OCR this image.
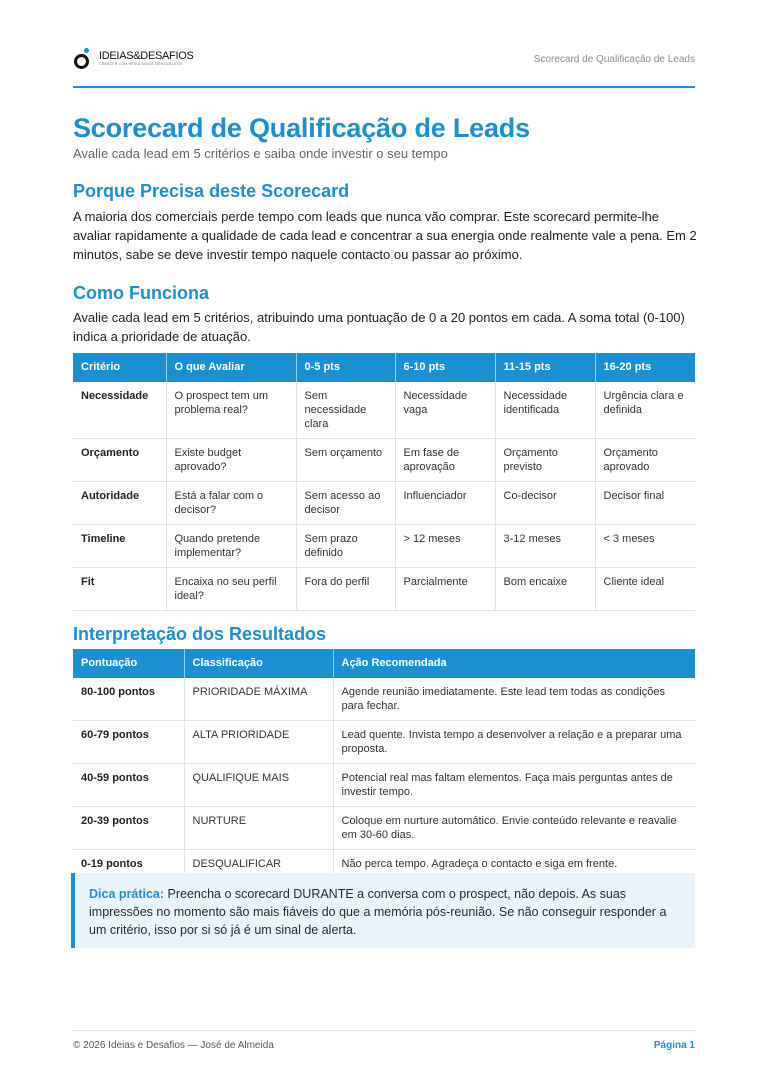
IDEIAS&DESAFIOS
CRESCER COM RESULTADOS MENSURÁVEIS	Scorecard de Qualificação de Leads
Scorecard de Qualificação de Leads
Avalie cada lead em 5 critérios e saiba onde investir o seu tempo
Porque Precisa deste Scorecard
A maioria dos comerciais perde tempo com leads que nunca vão comprar. Este scorecard permite-lhe avaliar rapidamente a qualidade de cada lead e concentrar a sua energia onde realmente vale a pena. Em 2 minutos, sabe se deve investir tempo naquele contacto ou passar ao próximo.
Como Funciona
Avalie cada lead em 5 critérios, atribuindo uma pontuação de 0 a 20 pontos em cada. A soma total (0-100) indica a prioridade de atuação.
Critério	O que Avaliar	0-5 pts	6-10 pts	11-15 pts	16-20 pts
Necessidade	O prospect tem um problema real?	Sem necessidade clara	Necessidade vaga	Necessidade identificada	Urgência clara e definida
Orçamento	Existe budget aprovado?	Sem orçamento	Em fase de aprovação	Orçamento previsto	Orçamento aprovado
Autoridade	Está a falar com o decisor?	Sem acesso ao decisor	Influenciador	Co-decisor	Decisor final
Timeline	Quando pretende implementar?	Sem prazo definido	> 12 meses	3-12 meses	< 3 meses
Fit	Encaixa no seu perfil ideal?	Fora do perfil	Parcialmente	Bom encaixe	Cliente ideal
Interpretação dos Resultados
Pontuação	Classificação	Ação Recomendada
80-100 pontos	PRIORIDADE MÁXIMA	Agende reunião imediatamente. Este lead tem todas as condições para fechar.
60-79 pontos	ALTA PRIORIDADE	Lead quente. Invista tempo a desenvolver a relação e a preparar uma proposta.
40-59 pontos	QUALIFIQUE MAIS	Potencial real mas faltam elementos. Faça mais perguntas antes de investir tempo.
20-39 pontos	NURTURE	Coloque em nurture automático. Envie conteúdo relevante e reavalie em 30-60 dias.
0-19 pontos	DESQUALIFICAR	Não perca tempo. Agradeça o contacto e siga em frente.
Dica prática: Preencha o scorecard DURANTE a conversa com o prospect, não depois. As suas impressões no momento são mais fiáveis do que a memória pós-reunião. Se não conseguir responder a um critério, isso por si só já é um sinal de alerta.
© 2026 Ideias e Desafios — José de Almeida	Página 1
